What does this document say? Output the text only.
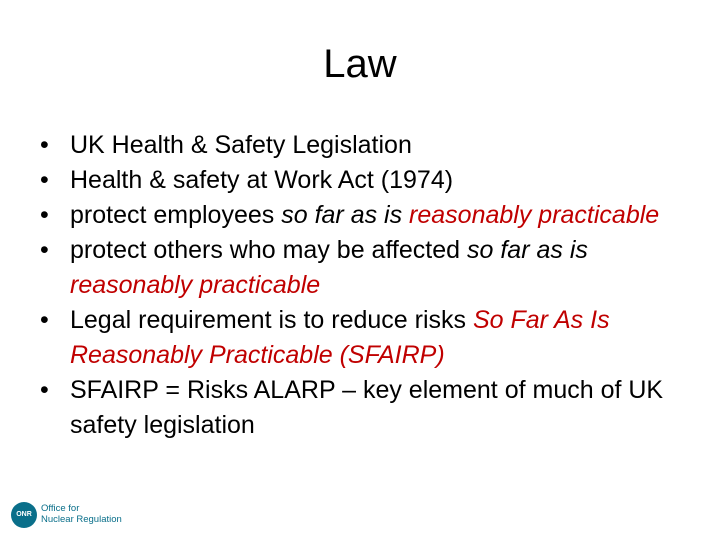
Law
• UK Health & Safety Legislation
• Health & safety at Work Act (1974)
• protect employees so far as is reasonably practicable
• protect others who may be affected so far as is reasonably practicable
• Legal requirement is to reduce risks So Far As Is Reasonably Practicable (SFAIRP)
• SFAIRP = Risks ALARP – key element of much of UK safety legislation
ONR
Office for
Nuclear Regulation
